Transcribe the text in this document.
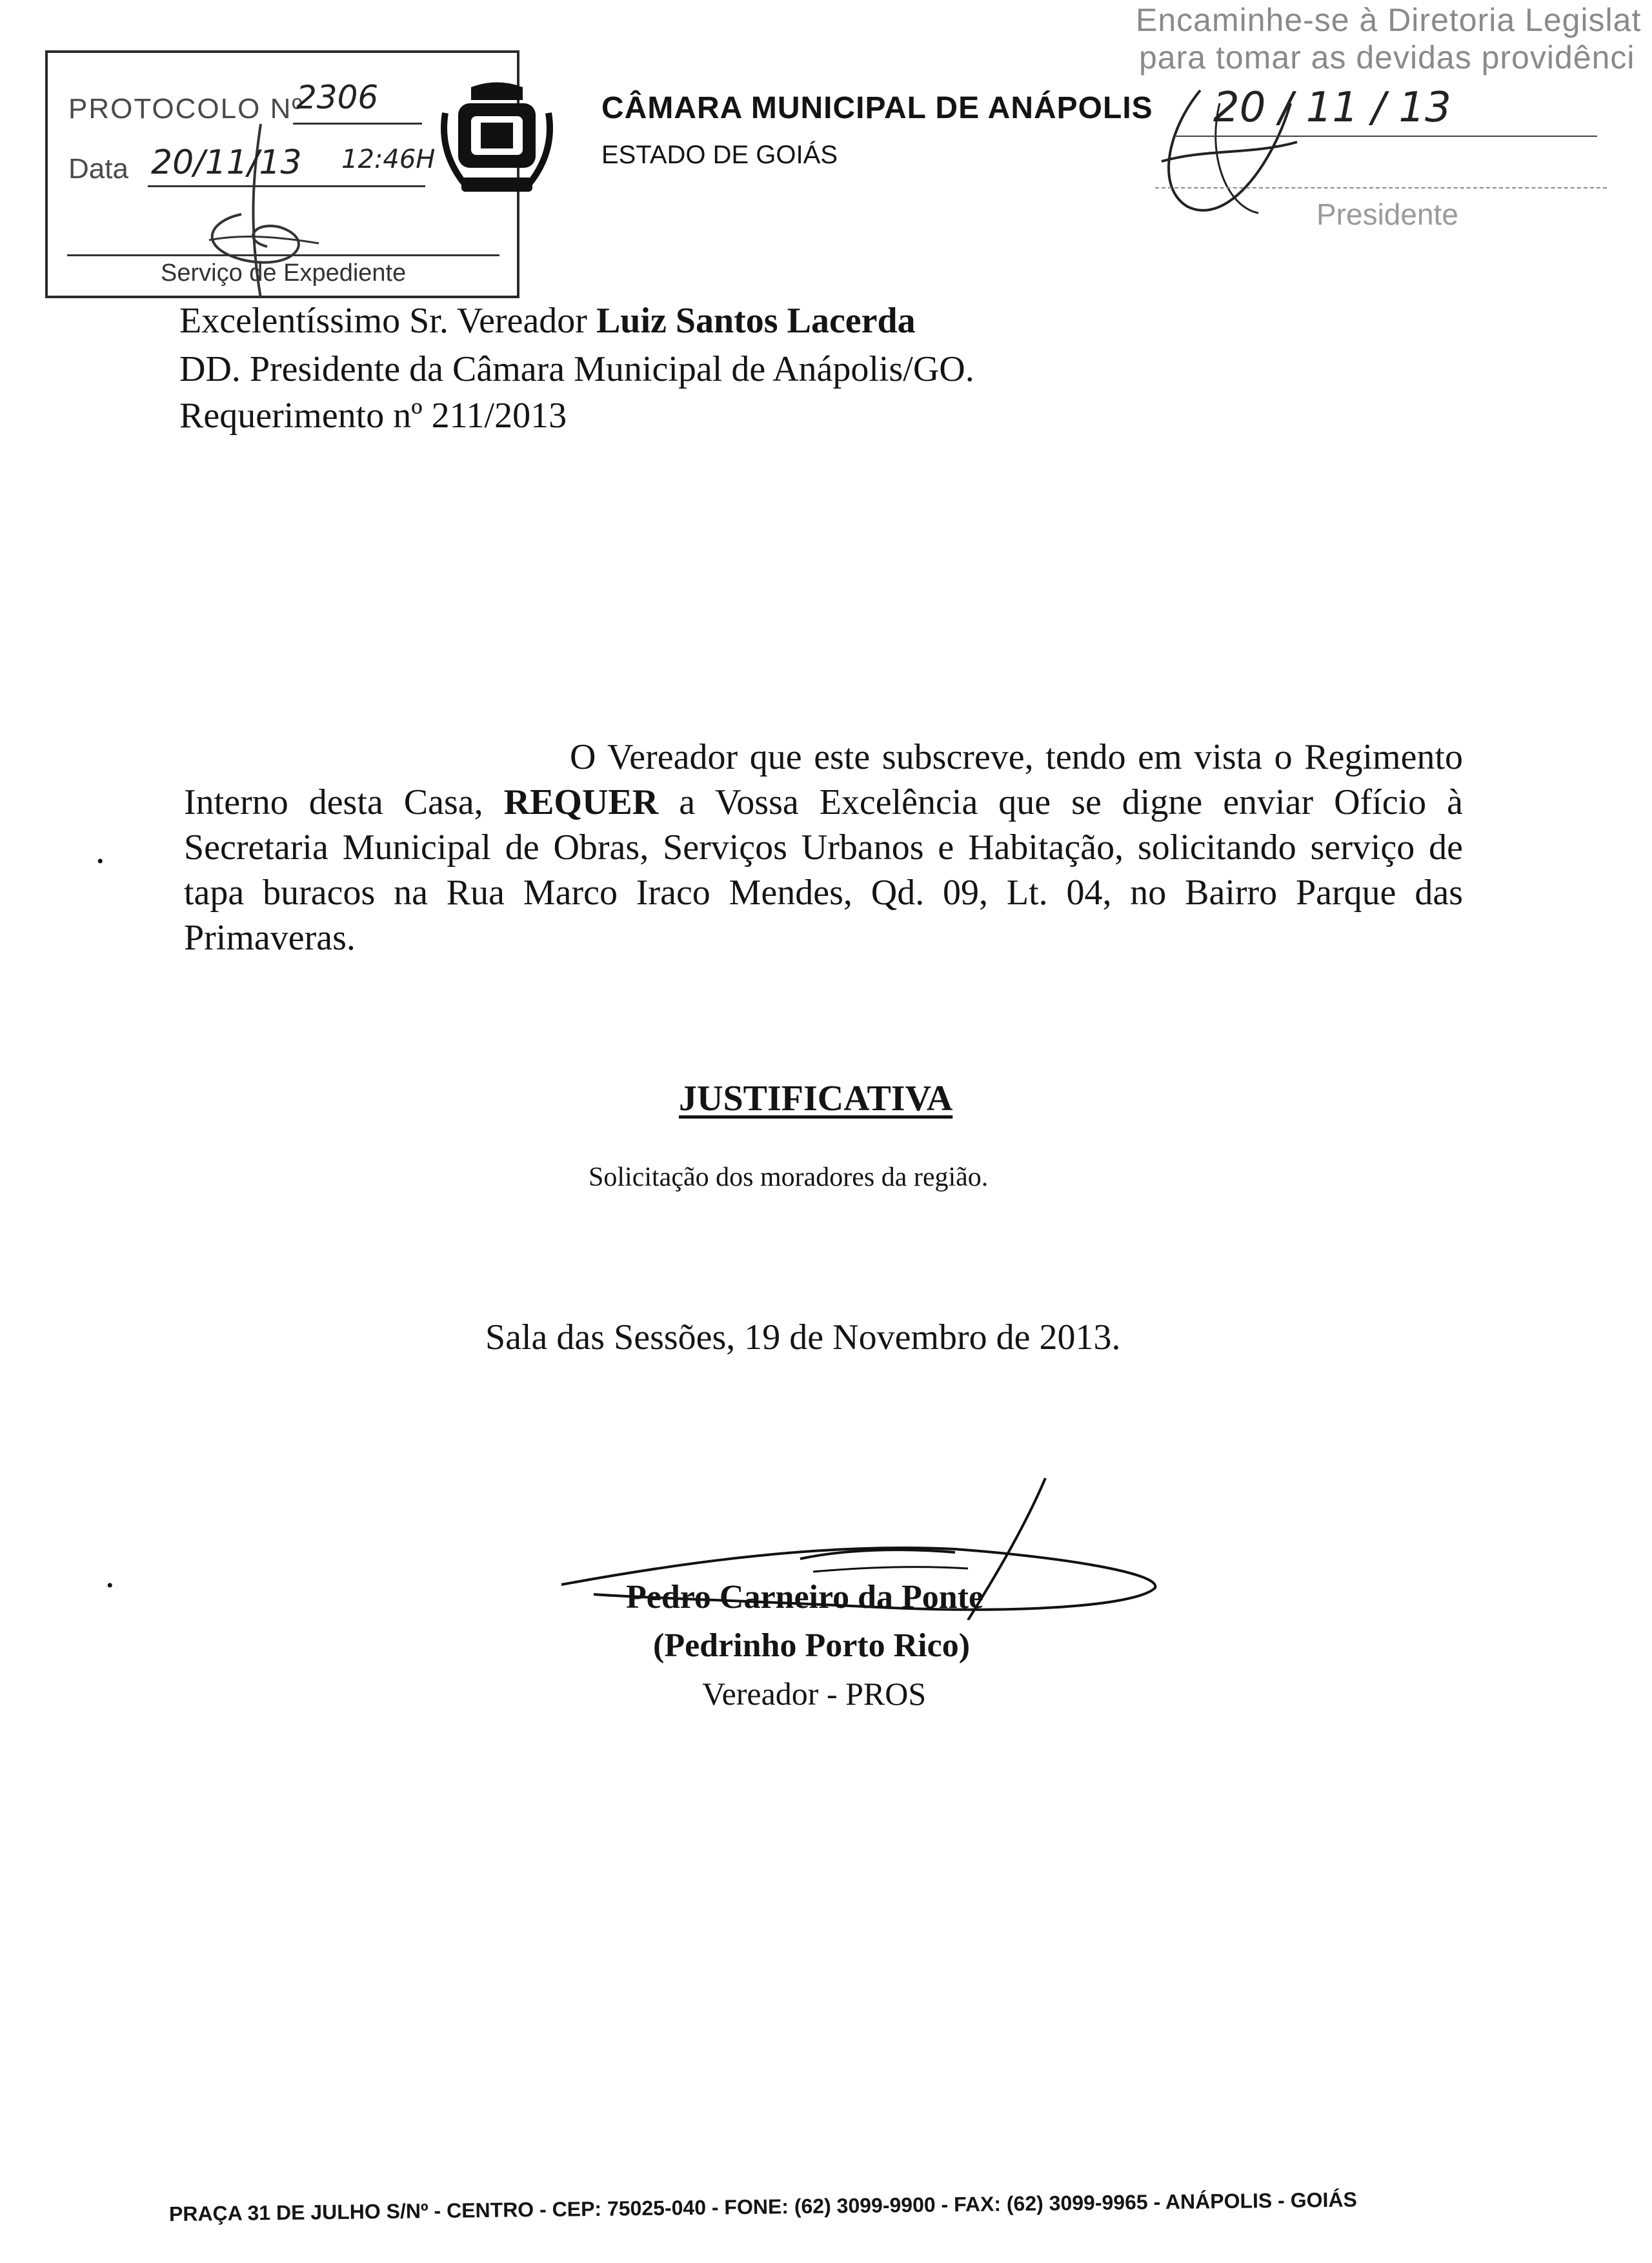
PROTOCOLO Nº
2306
Data 20/11/13 12:46H
Serviço de Expediente
CÂMARA MUNICIPAL DE ANÁPOLIS
ESTADO DE GOIÁS
Encaminhe-se à Diretoria Legislat
para tomar as devidas providênci
20 / 11 / 13
Presidente
Excelentíssimo Sr. Vereador Luiz Santos Lacerda
DD. Presidente da Câmara Municipal de Anápolis/GO.
Requerimento nº 211/2013
O Vereador que este subscreve, tendo em vista o Regimento Interno desta Casa, REQUER a Vossa Excelência que se digne enviar Ofício à Secretaria Municipal de Obras, Serviços Urbanos e Habitação, solicitando serviço de tapa buracos na Rua Marco Iraco Mendes, Qd. 09, Lt. 04, no Bairro Parque das Primaveras.
•
•
JUSTIFICATIVA
Solicitação dos moradores da região.
Sala das Sessões, 19 de Novembro de 2013.
Pedro Carneiro da Ponte
(Pedrinho Porto Rico)
Vereador - PROS
PRAÇA 31 DE JULHO S/Nº - CENTRO - CEP: 75025-040 - FONE: (62) 3099-9900 - FAX: (62) 3099-9965 - ANÁPOLIS - GOIÁS
